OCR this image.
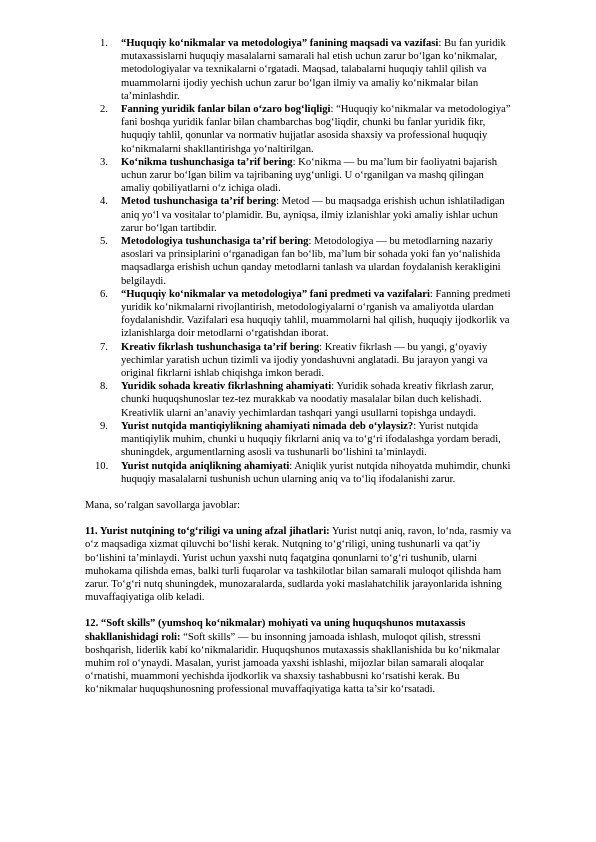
1. “Huquqiy ko‘nikmalar va metodologiya” fanining maqsadi va vazifasi: Bu fan yuridik mutaxassislarni huquqiy masalalarni samarali hal etish uchun zarur bo‘lgan ko‘nikmalar, metodologiyalar va texnikalarni o‘rgatadi. Maqsad, talabalarni huquqiy tahlil qilish va muammolarni ijodiy yechish uchun zarur bo‘lgan ilmiy va amaliy ko‘nikmalar bilan ta’minlashdir.
2. Fanning yuridik fanlar bilan o‘zaro bog‘liqligi: “Huquqiy ko‘nikmalar va metodologiya” fani boshqa yuridik fanlar bilan chambarchas bog‘liqdir, chunki bu fanlar yuridik fikr, huquqiy tahlil, qonunlar va normativ hujjatlar asosida shaxsiy va professional huquqiy ko‘nikmalarni shakllantirishga yo‘naltirilgan.
3. Ko‘nikma tushunchasiga ta’rif bering: Ko‘nikma — bu ma’lum bir faoliyatni bajarish uchun zarur bo‘lgan bilim va tajribaning uyg‘unligi. U o‘rganilgan va mashq qilingan amaliy qobiliyatlarni o‘z ichiga oladi.
4. Metod tushunchasiga ta’rif bering: Metod — bu maqsadga erishish uchun ishlatiladigan aniq yo‘l va vositalar to‘plamidir. Bu, ayniqsa, ilmiy izlanishlar yoki amaliy ishlar uchun zarur bo‘lgan tartibdir.
5. Metodologiya tushunchasiga ta’rif bering: Metodologiya — bu metodlarning nazariy asoslari va prinsiplarini o‘rganadigan fan bo‘lib, ma’lum bir sohada yoki fan yo‘nalishida maqsadlarga erishish uchun qanday metodlarni tanlash va ulardan foydalanish kerakligini belgilaydi.
6. “Huquqiy ko‘nikmalar va metodologiya” fani predmeti va vazifalari: Fanning predmeti yuridik ko‘nikmalarni rivojlantirish, metodologiyalarni o‘rganish va amaliyotda ulardan foydalanishdir. Vazifalari esa huquqiy tahlil, muammolarni hal qilish, huquqiy ijodkorlik va izlanishlarga doir metodlarni o‘rgatishdan iborat.
7. Kreativ fikrlash tushunchasiga ta’rif bering: Kreativ fikrlash — bu yangi, g‘oyaviy yechimlar yaratish uchun tizimli va ijodiy yondashuvni anglatadi. Bu jarayon yangi va original fikrlarni ishlab chiqishga imkon beradi.
8. Yuridik sohada kreativ fikrlashning ahamiyati: Yuridik sohada kreativ fikrlash zarur, chunki huquqshunoslar tez-tez murakkab va noodatiy masalalar bilan duch kelishadi. Kreativlik ularni an’anaviy yechimlardan tashqari yangi usullarni topishga undaydi.
9. Yurist nutqida mantiqiylikning ahamiyati nimada deb o‘ylaysiz?: Yurist nutqida mantiqiylik muhim, chunki u huquqiy fikrlarni aniq va to‘g‘ri ifodalashga yordam beradi, shuningdek, argumentlarning asosli va tushunarli bo‘lishini ta’minlaydi.
10. Yurist nutqida aniqlikning ahamiyati: Aniqlik yurist nutqida nihoyatda muhimdir, chunki huquqiy masalalarni tushunish uchun ularning aniq va to‘liq ifodalanishi zarur.

Mana, so‘ralgan savollarga javoblar:

11. Yurist nutqining to‘g‘riligi va uning afzal jihatlari: Yurist nutqi aniq, ravon, lo‘nda, rasmiy va o‘z maqsadiga xizmat qiluvchi bo‘lishi kerak. Nutqning to‘g‘riligi, uning tushunarli va qat’iy bo‘lishini ta’minlaydi. Yurist uchun yaxshi nutq faqatgina qonunlarni to‘g‘ri tushunib, ularni muhokama qilishda emas, balki turli fuqarolar va tashkilotlar bilan samarali muloqot qilishda ham zarur. To‘g‘ri nutq shuningdek, munozaralarda, sudlarda yoki maslahatchilik jarayonlarida ishning muvaffaqiyatiga olib keladi.

12. “Soft skills” (yumshoq ko‘nikmalar) mohiyati va uning huquqshunos mutaxassis shakllanishidagi roli: “Soft skills” — bu insonning jamoada ishlash, muloqot qilish, stressni boshqarish, liderlik kabi ko‘nikmalaridir. Huquqshunos mutaxassis shakllanishida bu ko‘nikmalar muhim rol o‘ynaydi. Masalan, yurist jamoada yaxshi ishlashi, mijozlar bilan samarali aloqalar o‘rnatishi, muammoni yechishda ijodkorlik va shaxsiy tashabbusni ko‘rsatishi kerak. Bu ko‘nikmalar huquqshunosning professional muvaffaqiyatiga katta ta’sir ko‘rsatadi.
